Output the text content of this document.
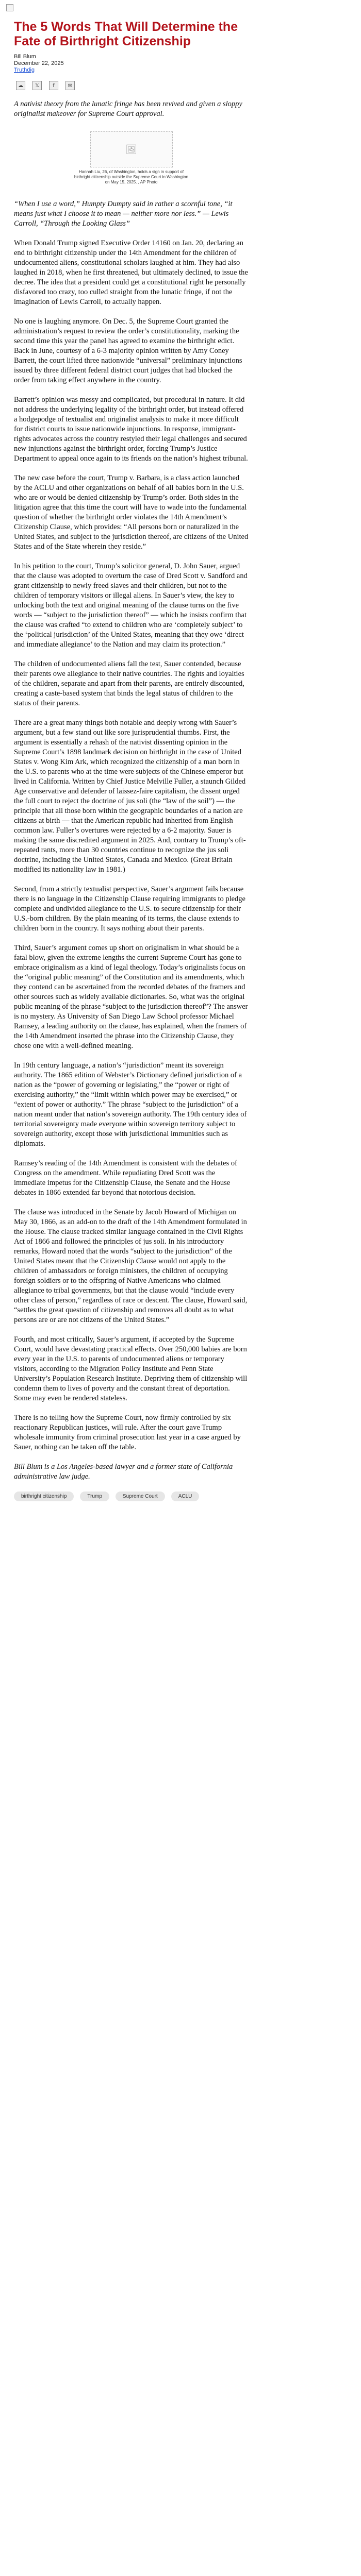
The 5 Words That Will Determine the Fate of Birthright Citizenship
Bill Blum
December 22, 2025
Truthdig
☁	𝕏	f	✉

A nativist theory from the lunatic fringe has been revived and given a sloppy originalist makeover for Supreme Court approval.

🖼

Hannah Liu, 26, of Washington, holds a sign in support of birthright citizenship outside the Supreme Court in Washington on May 15, 2025. , AP Photo

“When I use a word,” Humpty Dumpty said in rather a scornful tone, “it means just what I choose it to mean — neither more nor less.” — Lewis Carroll, “Through the Looking Glass”

When Donald Trump signed Executive Order 14160 on Jan. 20, declaring an end to birthright citizenship under the 14th Amendment for the children of undocumented aliens, constitutional scholars laughed at him. They had also laughed in 2018, when he first threatened, but ultimately declined, to issue the decree. The idea that a president could get a constitutional right he personally disfavored too crazy, too culled straight from the lunatic fringe, if not the imagination of Lewis Carroll, to actually happen.

No one is laughing anymore. On Dec. 5, the Supreme Court granted the administration’s request to review the order’s constitutionality, marking the second time this year the panel has agreed to examine the birthright edict. Back in June, courtesy of a 6-3 majority opinion written by Amy Coney Barrett, the court lifted three nationwide “universal” preliminary injunctions issued by three different federal district court judges that had blocked the order from taking effect anywhere in the country.

Barrett’s opinion was messy and complicated, but procedural in nature. It did not address the underlying legality of the birthright order, but instead offered a hodgepodge of textualist and originalist analysis to make it more difficult for district courts to issue nationwide injunctions. In response, immigrant-rights advocates across the country restyled their legal challenges and secured new injunctions against the birthright order, forcing Trump’s Justice Department to appeal once again to its friends on the nation’s highest tribunal.

The new case before the court, Trump v. Barbara, is a class action launched by the ACLU and other organizations on behalf of all babies born in the U.S. who are or would be denied citizenship by Trump’s order. Both sides in the litigation agree that this time the court will have to wade into the fundamental question of whether the birthright order violates the 14th Amendment’s Citizenship Clause, which provides: “All persons born or naturalized in the United States, and subject to the jurisdiction thereof, are citizens of the United States and of the State wherein they reside.”

In his petition to the court, Trump’s solicitor general, D. John Sauer, argued that the clause was adopted to overturn the case of Dred Scott v. Sandford and grant citizenship to newly freed slaves and their children, but not to the children of temporary visitors or illegal aliens. In Sauer’s view, the key to unlocking both the text and original meaning of the clause turns on the five words — “subject to the jurisdiction thereof” — which he insists confirm that the clause was crafted “to extend to children who are ‘completely subject’ to the ‘political jurisdiction’ of the United States, meaning that they owe ‘direct and immediate allegiance’ to the Nation and may claim its protection.”

The children of undocumented aliens fall the test, Sauer contended, because their parents owe allegiance to their native countries. The rights and loyalties of the children, separate and apart from their parents, are entirely discounted, creating a caste-based system that binds the legal status of children to the status of their parents.

There are a great many things both notable and deeply wrong with Sauer’s argument, but a few stand out like sore jurisprudential thumbs. First, the argument is essentially a rehash of the nativist dissenting opinion in the Supreme Court’s 1898 landmark decision on birthright in the case of United States v. Wong Kim Ark, which recognized the citizenship of a man born in the U.S. to parents who at the time were subjects of the Chinese emperor but lived in California. Written by Chief Justice Melville Fuller, a staunch Gilded Age conservative and defender of laissez-faire capitalism, the dissent urged the full court to reject the doctrine of jus soli (the “law of the soil”) — the principle that all those born within the geographic boundaries of a nation are citizens at birth — that the American republic had inherited from English common law. Fuller’s overtures were rejected by a 6-2 majority. Sauer is making the same discredited argument in 2025. And, contrary to Trump’s oft-repeated rants, more than 30 countries continue to recognize the jus soli doctrine, including the United States, Canada and Mexico. (Great Britain modified its nationality law in 1981.)

Second, from a strictly textualist perspective, Sauer’s argument fails because there is no language in the Citizenship Clause requiring immigrants to pledge complete and undivided allegiance to the U.S. to secure citizenship for their U.S.-born children. By the plain meaning of its terms, the clause extends to children born in the country. It says nothing about their parents.

Third, Sauer’s argument comes up short on originalism in what should be a fatal blow, given the extreme lengths the current Supreme Court has gone to embrace originalism as a kind of legal theology. Today’s originalists focus on the “original public meaning” of the Constitution and its amendments, which they contend can be ascertained from the recorded debates of the framers and other sources such as widely available dictionaries. So, what was the original public meaning of the phrase “subject to the jurisdiction thereof”? The answer is no mystery. As University of San Diego Law School professor Michael Ramsey, a leading authority on the clause, has explained, when the framers of the 14th Amendment inserted the phrase into the Citizenship Clause, they chose one with a well-defined meaning.

In 19th century language, a nation’s “jurisdiction” meant its sovereign authority. The 1865 edition of Webster’s Dictionary defined jurisdiction of a nation as the “power of governing or legislating,” the “power or right of exercising authority,” the “limit within which power may be exercised,” or “extent of power or authority.” The phrase “subject to the jurisdiction” of a nation meant under that nation’s sovereign authority. The 19th century idea of territorial sovereignty made everyone within sovereign territory subject to sovereign authority, except those with jurisdictional immunities such as diplomats.

Ramsey’s reading of the 14th Amendment is consistent with the debates of Congress on the amendment. While repudiating Dred Scott was the immediate impetus for the Citizenship Clause, the Senate and the House debates in 1866 extended far beyond that notorious decision.

The clause was introduced in the Senate by Jacob Howard of Michigan on May 30, 1866, as an add-on to the draft of the 14th Amendment formulated in the House. The clause tracked similar language contained in the Civil Rights Act of 1866 and followed the principles of jus soli. In his introductory remarks, Howard noted that the words “subject to the jurisdiction” of the United States meant that the Citizenship Clause would not apply to the children of ambassadors or foreign ministers, the children of occupying foreign soldiers or to the offspring of Native Americans who claimed allegiance to tribal governments, but that the clause would “include every other class of person,” regardless of race or descent. The clause, Howard said, “settles the great question of citizenship and removes all doubt as to what persons are or are not citizens of the United States.”

Fourth, and most critically, Sauer’s argument, if accepted by the Supreme Court, would have devastating practical effects. Over 250,000 babies are born every year in the U.S. to parents of undocumented aliens or temporary visitors, according to the Migration Policy Institute and Penn State University’s Population Research Institute. Depriving them of citizenship will condemn them to lives of poverty and the constant threat of deportation. Some may even be rendered stateless.

There is no telling how the Supreme Court, now firmly controlled by six reactionary Republican justices, will rule. After the court gave Trump wholesale immunity from criminal prosecution last year in a case argued by Sauer, nothing can be taken off the table.

Bill Blum is a Los Angeles-based lawyer and a former state of California administrative law judge.

birthright citizenship	Trump	Supreme Court	ACLU
